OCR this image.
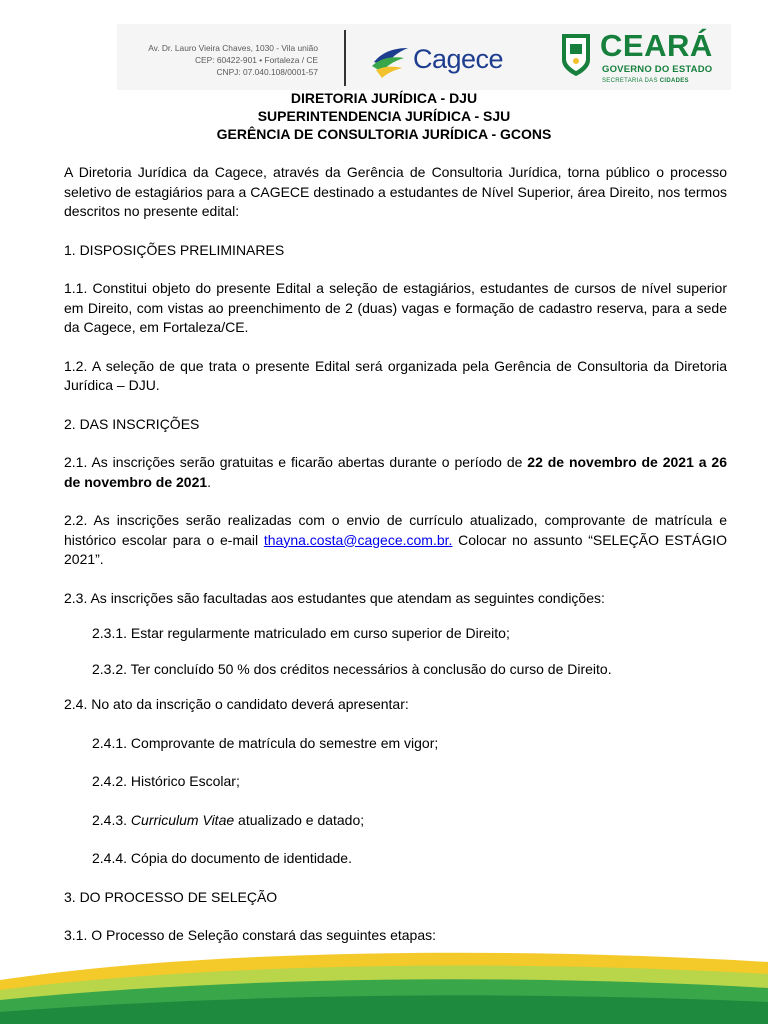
Av. Dr. Lauro Vieira Chaves, 1030 - Vila união
CEP: 60422-901 • Fortaleza / CE
CNPJ: 07.040.108/0001-57	Cagece	CEARÁ
GOVERNO DO ESTADO
SECRETARIA DAS CIDADES
DIRETORIA JURÍDICA - DJU
SUPERINTENDENCIA JURÍDICA - SJU
GERÊNCIA DE CONSULTORIA JURÍDICA - GCONS

A Diretoria Jurídica da Cagece, através da Gerência de Consultoria Jurídica, torna público o processo seletivo de estagiários para a CAGECE destinado a estudantes de Nível Superior, área Direito, nos termos descritos no presente edital:

1. DISPOSIÇÕES PRELIMINARES

1.1. Constitui objeto do presente Edital a seleção de estagiários, estudantes de cursos de nível superior em Direito, com vistas ao preenchimento de 2 (duas) vagas e formação de cadastro reserva, para a sede da Cagece, em Fortaleza/CE.

1.2. A seleção de que trata o presente Edital será organizada pela Gerência de Consultoria da Diretoria Jurídica – DJU.

2. DAS INSCRIÇÕES

2.1. As inscrições serão gratuitas e ficarão abertas durante o período de 22 de novembro de 2021 a 26 de novembro de 2021.

2.2. As inscrições serão realizadas com o envio de currículo atualizado, comprovante de matrícula e histórico escolar para o e-mail thayna.costa@cagece.com.br. Colocar no assunto “SELEÇÃO ESTÁGIO 2021”.

2.3. As inscrições são facultadas aos estudantes que atendam as seguintes condições:

2.3.1. Estar regularmente matriculado em curso superior de Direito;

2.3.2. Ter concluído 50 % dos créditos necessários à conclusão do curso de Direito.

2.4. No ato da inscrição o candidato deverá apresentar:

2.4.1. Comprovante de matrícula do semestre em vigor;

2.4.2. Histórico Escolar;

2.4.3. Curriculum Vitae atualizado e datado;

2.4.4. Cópia do documento de identidade.

3. DO PROCESSO DE SELEÇÃO

3.1. O Processo de Seleção constará das seguintes etapas:
